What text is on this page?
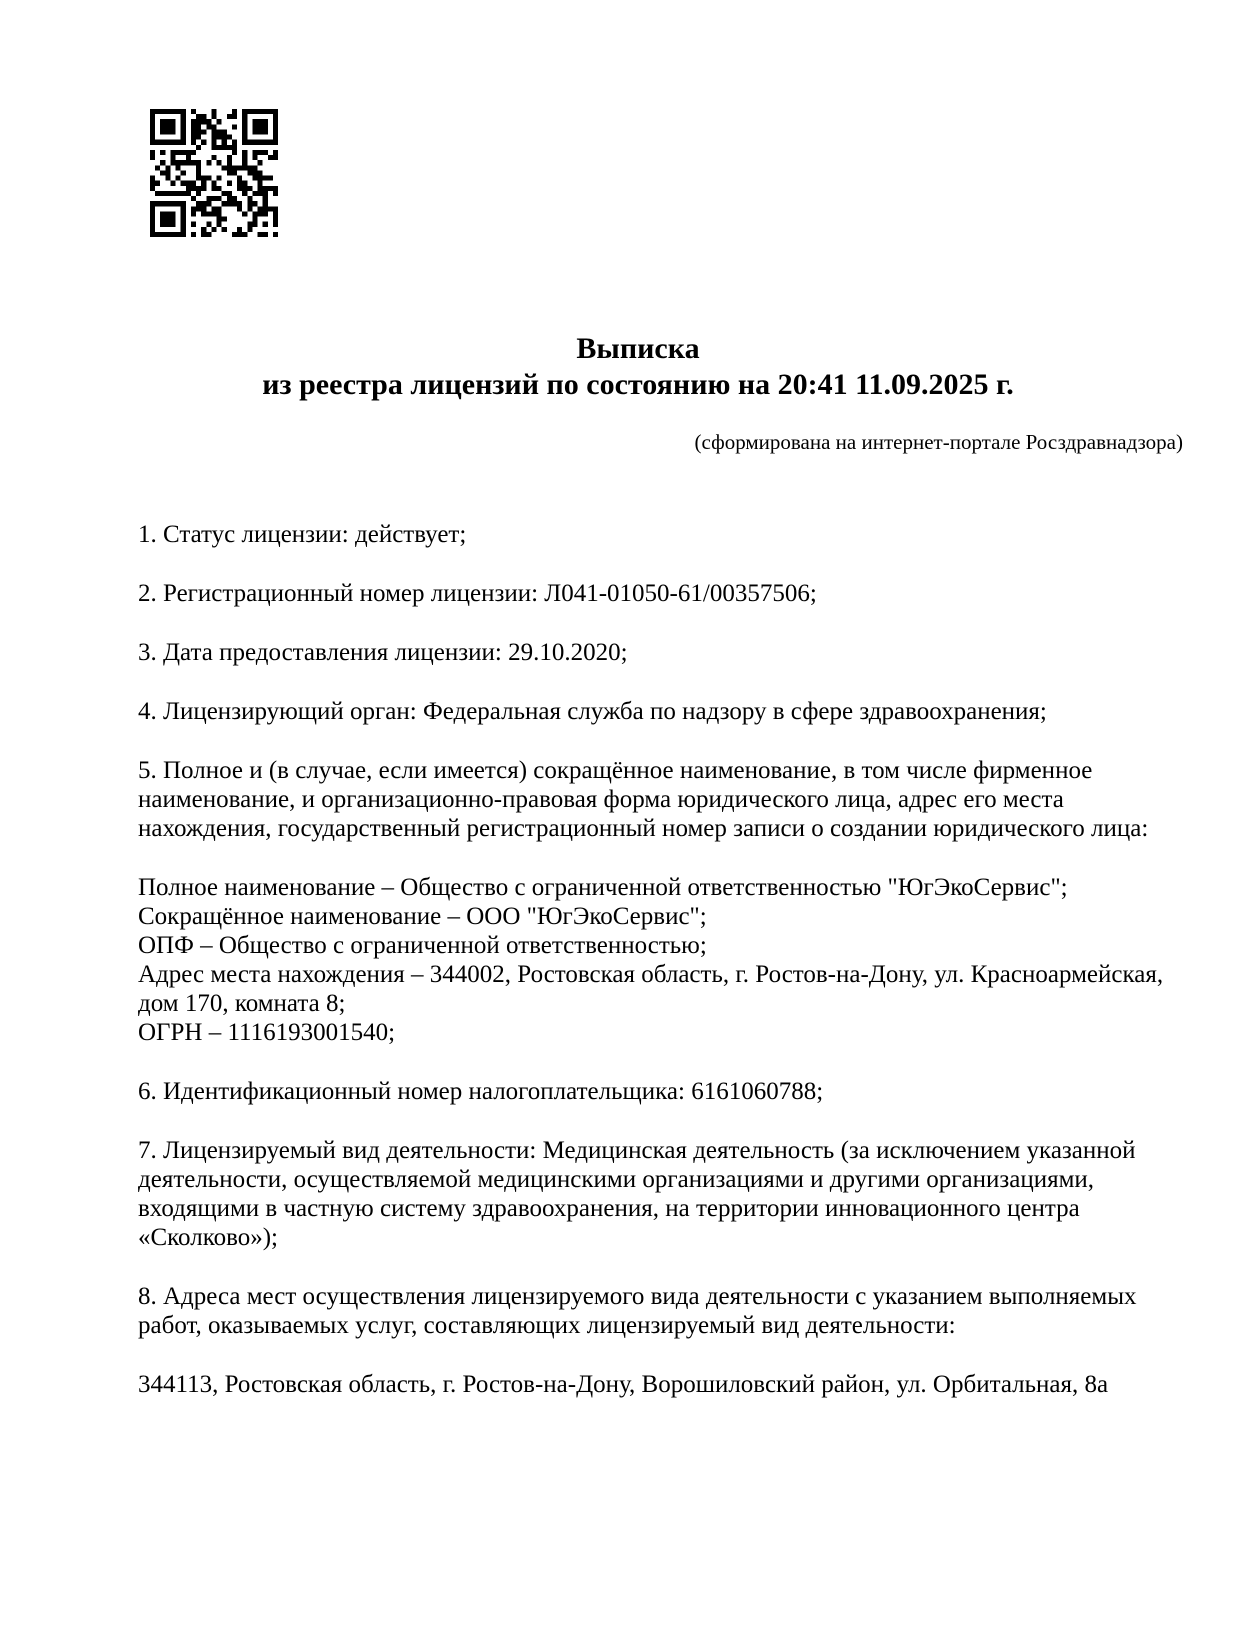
Выписка
из реестра лицензий по состоянию на 20:41 11.09.2025 г.
(сформирована на интернет-портале Росздравнадзора)
1. Статус лицензии: действует;
2. Регистрационный номер лицензии: Л041-01050-61/00357506;
3. Дата предоставления лицензии: 29.10.2020;
4. Лицензирующий орган: Федеральная служба по надзору в сфере здравоохранения;
5. Полное и (в случае, если имеется) сокращённое наименование, в том числе фирменное
наименование, и организационно-правовая форма юридического лица, адрес его места
нахождения, государственный регистрационный номер записи о создании юридического лица:
Полное наименование – Общество с ограниченной ответственностью "ЮгЭкоСервис";
Сокращённое наименование – ООО "ЮгЭкоСервис";
ОПФ – Общество с ограниченной ответственностью;
Адрес места нахождения – 344002, Ростовская область, г. Ростов-на-Дону, ул. Красноармейская,
дом 170, комната 8;
ОГРН – 1116193001540;
6. Идентификационный номер налогоплательщика: 6161060788;
7. Лицензируемый вид деятельности: Медицинская деятельность (за исключением указанной
деятельности, осуществляемой медицинскими организациями и другими организациями,
входящими в частную систему здравоохранения, на территории инновационного центра
«Сколково»);
8. Адреса мест осуществления лицензируемого вида деятельности с указанием выполняемых
работ, оказываемых услуг, составляющих лицензируемый вид деятельности:
344113, Ростовская область, г. Ростов-на-Дону, Ворошиловский район, ул. Орбитальная, 8а
